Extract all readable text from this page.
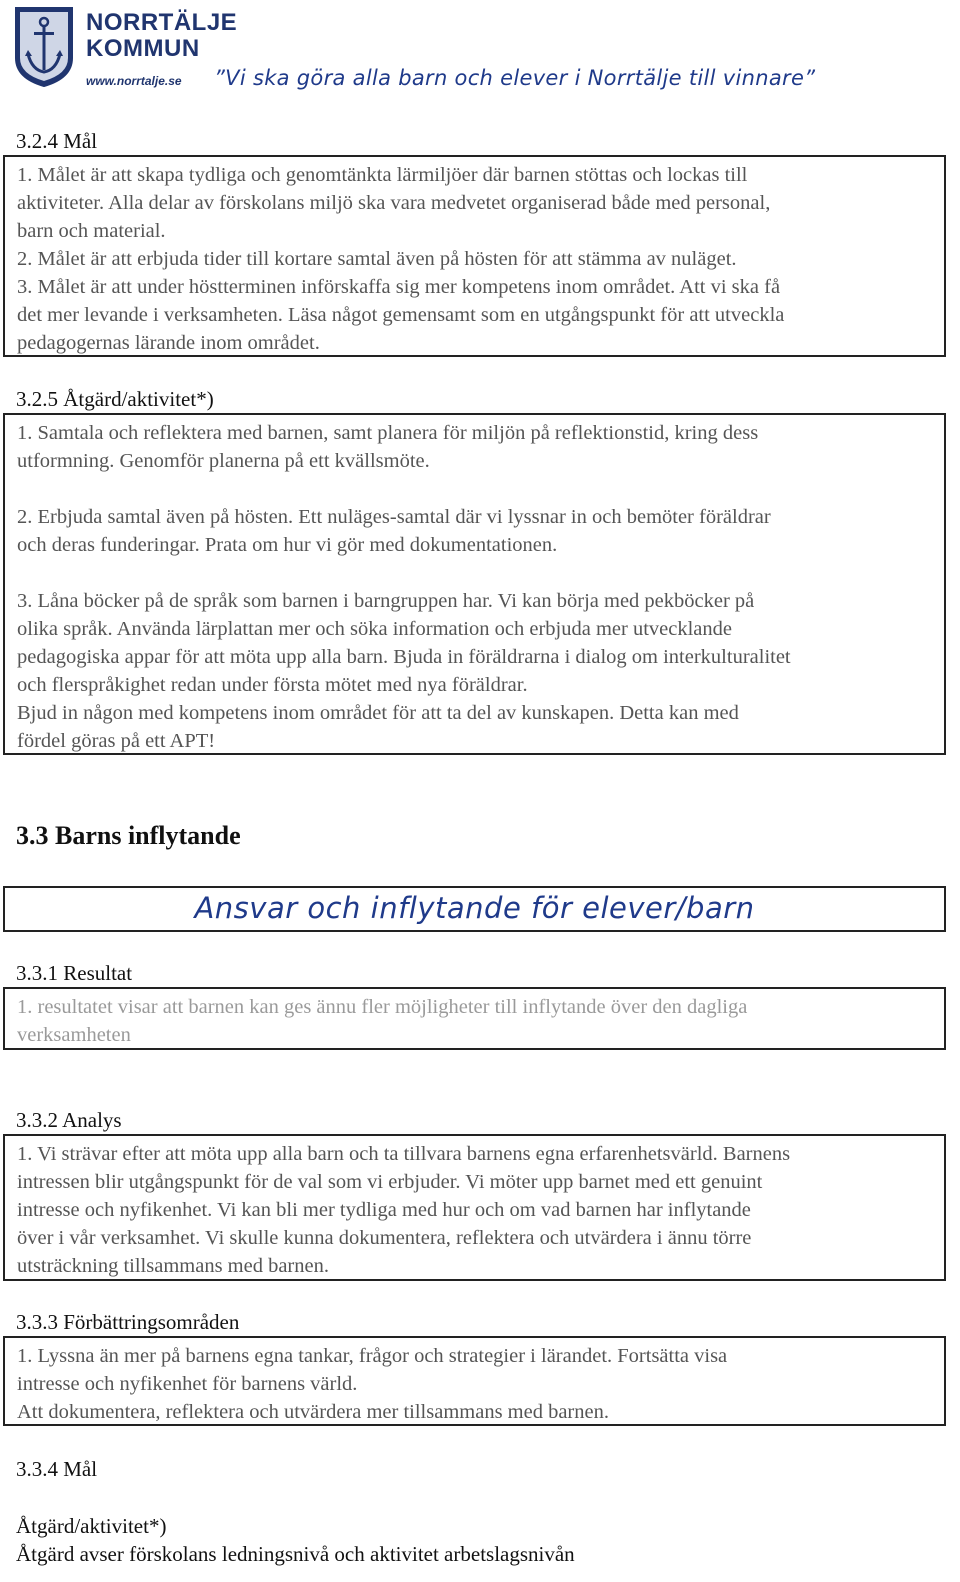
NORRTÄLJE
KOMMUN
www.norrtalje.se ”Vi ska göra alla barn och elever i Norrtälje till vinnare”
3.2.4 Mål

1. Målet är att skapa tydliga och genomtänkta lärmiljöer där barnen stöttas och lockas till

aktiviteter. Alla delar av förskolans miljö ska vara medvetet organiserad både med personal,

barn och material.

2. Målet är att erbjuda tider till kortare samtal även på hösten för att stämma av nuläget.

3. Målet är att under höstterminen införskaffa sig mer kompetens inom området. Att vi ska få

det mer levande i verksamheten. Läsa något gemensamt som en utgångspunkt för att utveckla

pedagogernas lärande inom området.

3.2.5 Åtgärd/aktivitet*)

1. Samtala och reflektera med barnen, samt planera för miljön på reflektionstid, kring dess

utformning. Genomför planerna på ett kvällsmöte.

2. Erbjuda samtal även på hösten. Ett nuläges-samtal där vi lyssnar in och bemöter föräldrar

och deras funderingar. Prata om hur vi gör med dokumentationen.

3. Låna böcker på de språk som barnen i barngruppen har. Vi kan börja med pekböcker på

olika språk. Använda lärplattan mer och söka information och erbjuda mer utvecklande

pedagogiska appar för att möta upp alla barn. Bjuda in föräldrarna i dialog om interkulturalitet

och flerspråkighet redan under första mötet med nya föräldrar.

Bjud in någon med kompetens inom området för att ta del av kunskapen. Detta kan med

fördel göras på ett APT!

3.3 Barns inflytande
Ansvar och inflytande för elever/barn
3.3.1 Resultat

1. resultatet visar att barnen kan ges ännu fler möjligheter till inflytande över den dagliga

verksamheten

3.3.2 Analys

1. Vi strävar efter att möta upp alla barn och ta tillvara barnens egna erfarenhetsvärld. Barnens

intressen blir utgångspunkt för de val som vi erbjuder. Vi möter upp barnet med ett genuint

intresse och nyfikenhet. Vi kan bli mer tydliga med hur och om vad barnen har inflytande

över i vår verksamhet. Vi skulle kunna dokumentera, reflektera och utvärdera i ännu törre

utsträckning tillsammans med barnen.

3.3.3 Förbättringsområden

1. Lyssna än mer på barnens egna tankar, frågor och strategier i lärandet. Fortsätta visa

intresse och nyfikenhet för barnens värld.

Att dokumentera, reflektera och utvärdera mer tillsammans med barnen.

3.3.4 Mål
Åtgärd/aktivitet*)
Åtgärd avser förskolans ledningsnivå och aktivitet arbetslagsnivån
